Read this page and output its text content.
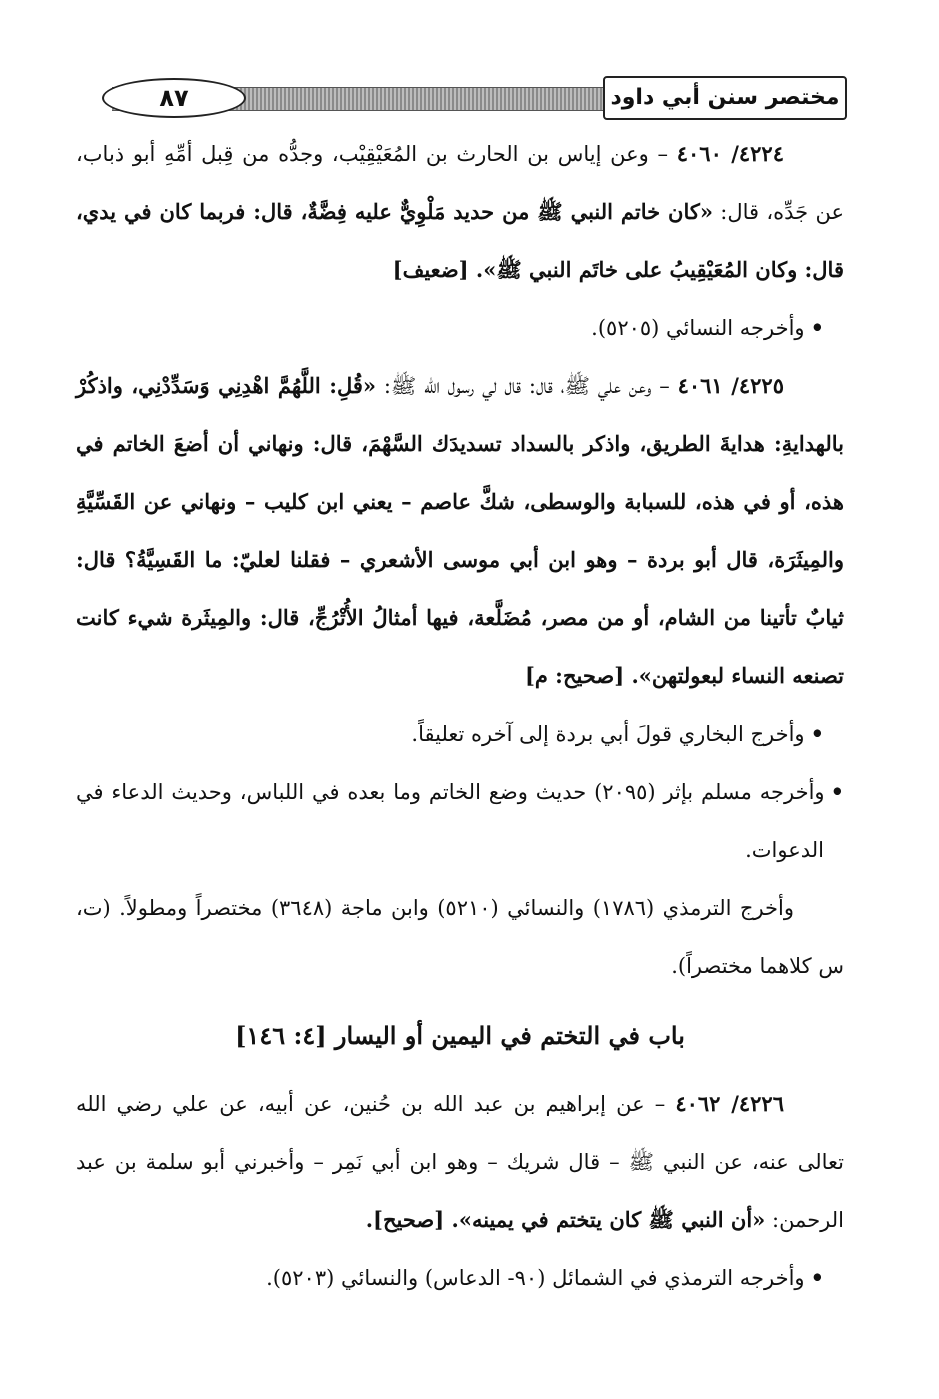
٨٧	مختصر سنن أبي داود

٤٢٢٤/ ٤٠٦٠ – وعن إياس بن الحارث بن المُعَيْقِيْب، وجدُّه من قِبل أمِّهِ أبو ذباب، عن جَدِّه، قال: «كان خاتم النبي ﷺ من حديد مَلْوِيٌّ عليه فِضَّةٌ، قال: فربما كان في يدي، قال: وكان المُعَيْقِيبُ على خاتَم النبي ﷺ». [ضعيف]

•وأخرجه النسائي (٥٢٠٥).

٤٢٢٥/ ٤٠٦١ – وعن علي ﷺ، قال: قال لي رسول الله ﷺ: «قُلِ: اللَّهُمَّ اهْدِنِي وَسَدِّدْنِي، واذكُرْ بالهدايةِ: هدايةَ الطريق، واذكر بالسداد تسديدَك السَّهْمَ، قال: ونهاني أن أضعَ الخاتم في هذه، أو في هذه، للسبابة والوسطى، شكَّ عاصم – يعني ابن كليب – ونهاني عن القَسِّيَّةِ والمِيثَرَة، قال أبو بردة – وهو ابن أبي موسى الأشعري – فقلنا لعليّ: ما القَسِيَّةُ؟ قال: ثيابٌ تأتينا من الشام، أو من مصر، مُضَلَّعة، فيها أمثالُ الأُتْرُجِّ، قال: والمِيثَرة شيء كانت تصنعه النساء لبعولتهن». [صحيح: م]

•وأخرج البخاري قولَ أبي بردة إلى آخره تعليقاً.

•وأخرجه مسلم بإثر (٢٠٩٥) حديث وضع الخاتم وما بعده في اللباس، وحديث الدعاء في الدعوات.

وأخرج الترمذي (١٧٨٦) والنسائي (٥٢١٠) وابن ماجة (٣٦٤٨) مختصراً ومطولاً. (ت، س كلاهما مختصراً).

باب في التختم في اليمين أو اليسار [٤: ١٤٦]

٤٢٢٦/ ٤٠٦٢ – عن إبراهيم بن عبد الله بن حُنين، عن أبيه، عن علي رضي الله تعالى عنه، عن النبي ﷺ – قال شريك – وهو ابن أبي نَمِر – وأخبرني أبو سلمة بن عبد الرحمن: «أن النبي ﷺ كان يتختم في يمينه». [صحيح].

•وأخرجه الترمذي في الشمائل (٩٠- الدعاس) والنسائي (٥٢٠٣).
